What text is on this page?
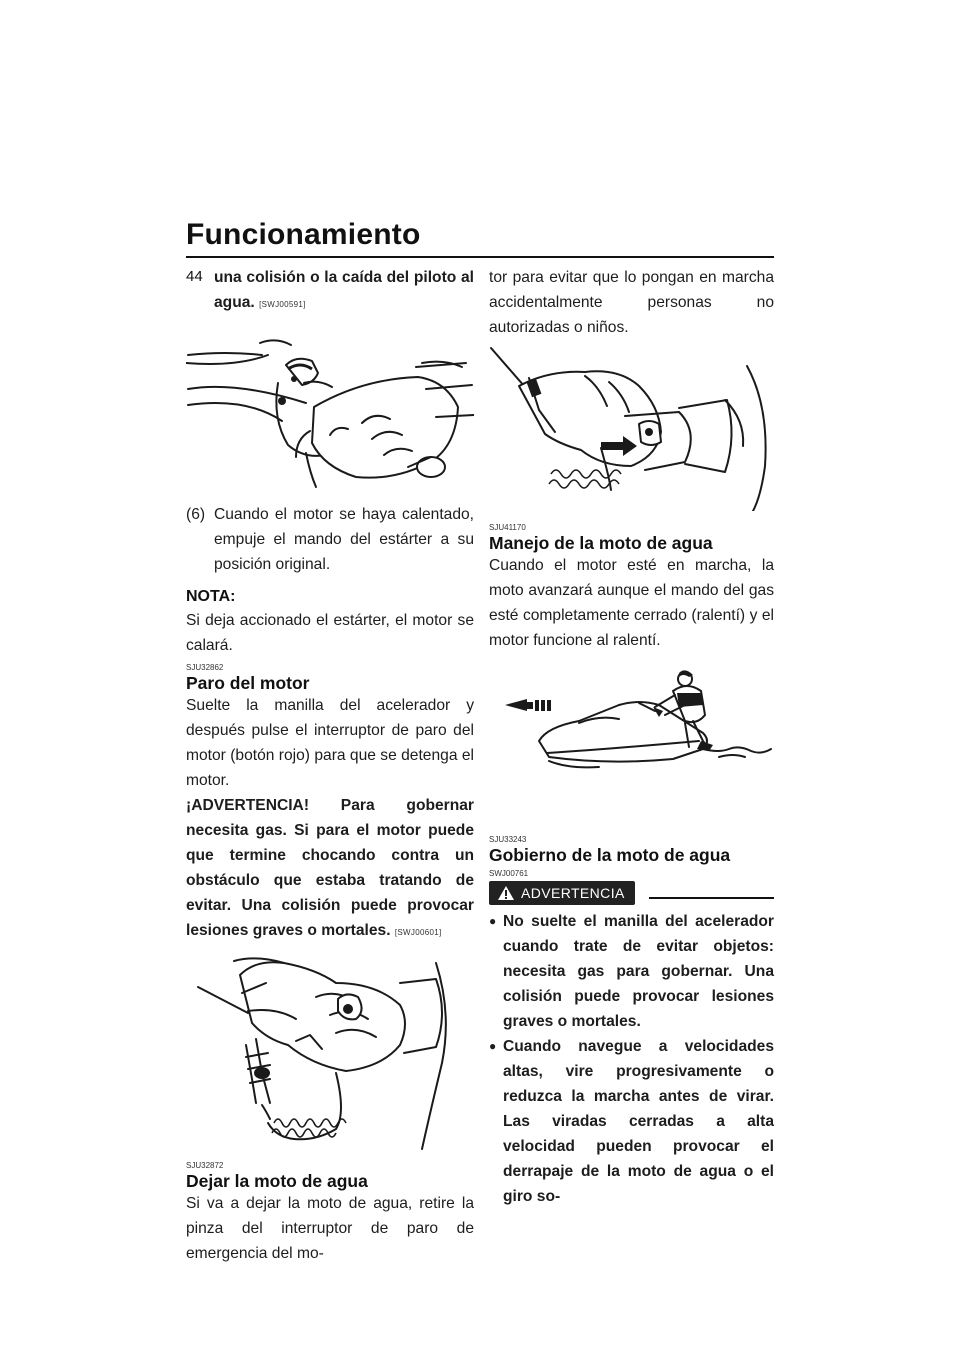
Funcionamiento
44 una colisión o la caída del piloto al agua. [SWJ00591]

(6) Cuando el motor se haya calentado, empuje el mando del estárter a su posición original.
NOTA:

Si deja accionado el estárter, el motor se calará.

SJU32862
Paro del motor

Suelte la manilla del acelerador y después pulse el interruptor de paro del motor (botón rojo) para que se detenga el motor.

¡ADVERTENCIA! Para gobernar necesita gas. Si para el motor puede que termine chocando contra un obstáculo que estaba tratando de evitar. Una colisión puede provocar lesiones graves o mortales. [SWJ00601]

SJU32872
Dejar la moto de agua

Si va a dejar la moto de agua, retire la pinza del interruptor de paro de emergencia del mo-

tor para evitar que lo pongan en marcha accidentalmente personas no autorizadas o niños.

SJU41170
Manejo de la moto de agua

Cuando el motor esté en marcha, la moto avanzará aunque el mando del gas esté completamente cerrado (ralentí) y el motor funcione al ralentí.

SJU33243
Gobierno de la moto de agua
SWJ00761
ADVERTENCIA
● No suelte el manilla del acelerador cuando trate de evitar objetos: necesita gas para gobernar. Una colisión puede provocar lesiones graves o mortales.
● Cuando navegue a velocidades altas, vire progresivamente o reduzca la marcha antes de virar. Las viradas cerradas a alta velocidad pueden provocar el derrapaje de la moto de agua o el giro so-
